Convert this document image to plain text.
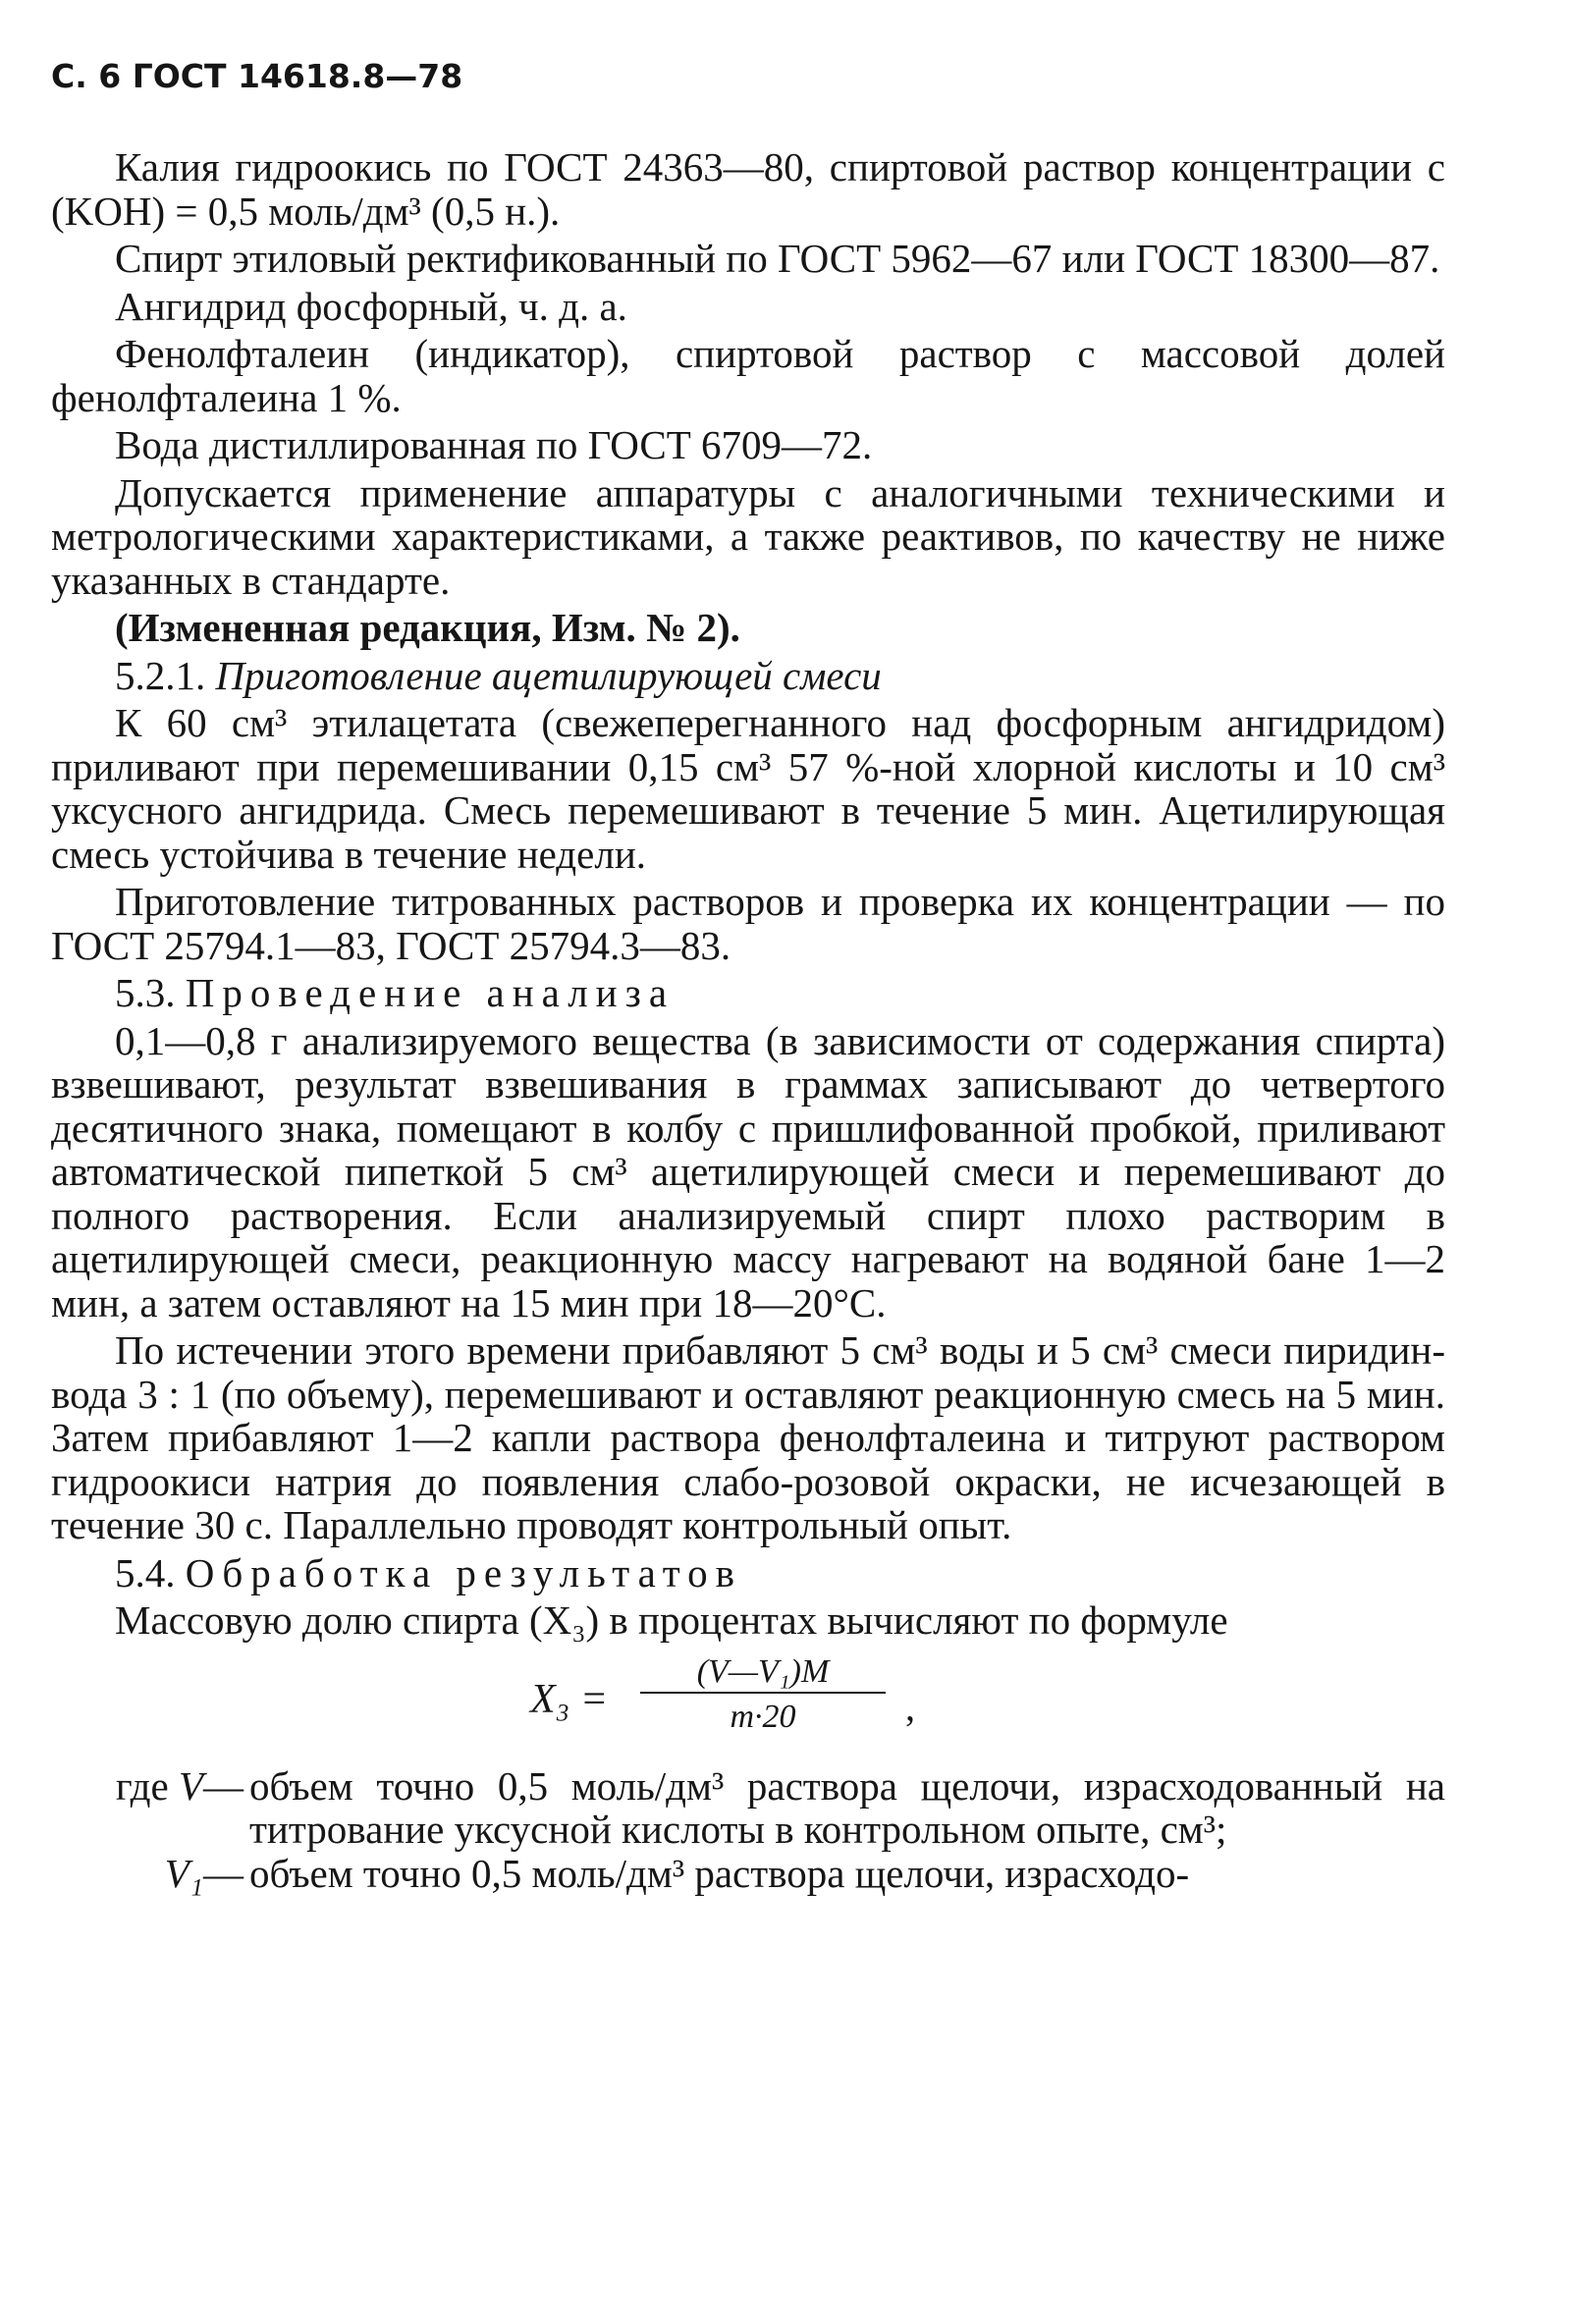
С. 6 ГОСТ 14618.8—78

Калия гидроокись по ГОСТ 24363—80, спиртовой раствор концентрации c (KOH) = 0,5 моль/дм³ (0,5 н.).

Спирт этиловый ректификованный по ГОСТ 5962—67 или ГОСТ 18300—87.

Ангидрид фосфорный, ч. д. а.

Фенолфталеин (индикатор), спиртовой раствор с массовой долей фенолфталеина 1 %.

Вода дистиллированная по ГОСТ 6709—72.

Допускается применение аппаратуры с аналогичными техническими и метрологическими характеристиками, а также реактивов, по качеству не ниже указанных в стандарте.

(Измененная редакция, Изм. № 2).

5.2.1. Приготовление ацетилирующей смеси

К 60 см³ этилацетата (свежеперегнанного над фосфорным ангидридом) приливают при перемешивании 0,15 см³ 57 %-ной хлорной кислоты и 10 см³ уксусного ангидрида. Смесь перемешивают в течение 5 мин. Ацетилирующая смесь устойчива в течение недели.

Приготовление титрованных растворов и проверка их концентрации — по ГОСТ 25794.1—83, ГОСТ 25794.3—83.

5.3. Проведение анализа

0,1—0,8 г анализируемого вещества (в зависимости от содержания спирта) взвешивают, результат взвешивания в граммах записывают до четвертого десятичного знака, помещают в колбу с пришлифованной пробкой, приливают автоматической пипеткой 5 см³ ацетилирующей смеси и перемешивают до полного растворения. Если анализируемый спирт плохо растворим в ацетилирующей смеси, реакционную массу нагревают на водяной бане 1—2 мин, а затем оставляют на 15 мин при 18—20°С.

По истечении этого времени прибавляют 5 см³ воды и 5 см³ смеси пиридин-вода 3 : 1 (по объему), перемешивают и оставляют реакционную смесь на 5 мин. Затем прибавляют 1—2 капли раствора фенолфталеина и титруют раствором гидроокиси натрия до появления слабо-розовой окраски, не исчезающей в течение 30 с. Параллельно проводят контрольный опыт.

5.4. Обработка результатов

Массовую долю спирта (X₃) в процентах вычисляют по формуле

X₃ =
(V—V₁)M
m·20	,
где V— объем точно 0,5 моль/дм³ раствора щелочи, израсходованный на титрование уксусной кислоты в контрольном опыте, см³;
V₁— объем точно 0,5 моль/дм³ раствора щелочи, израсходо-
